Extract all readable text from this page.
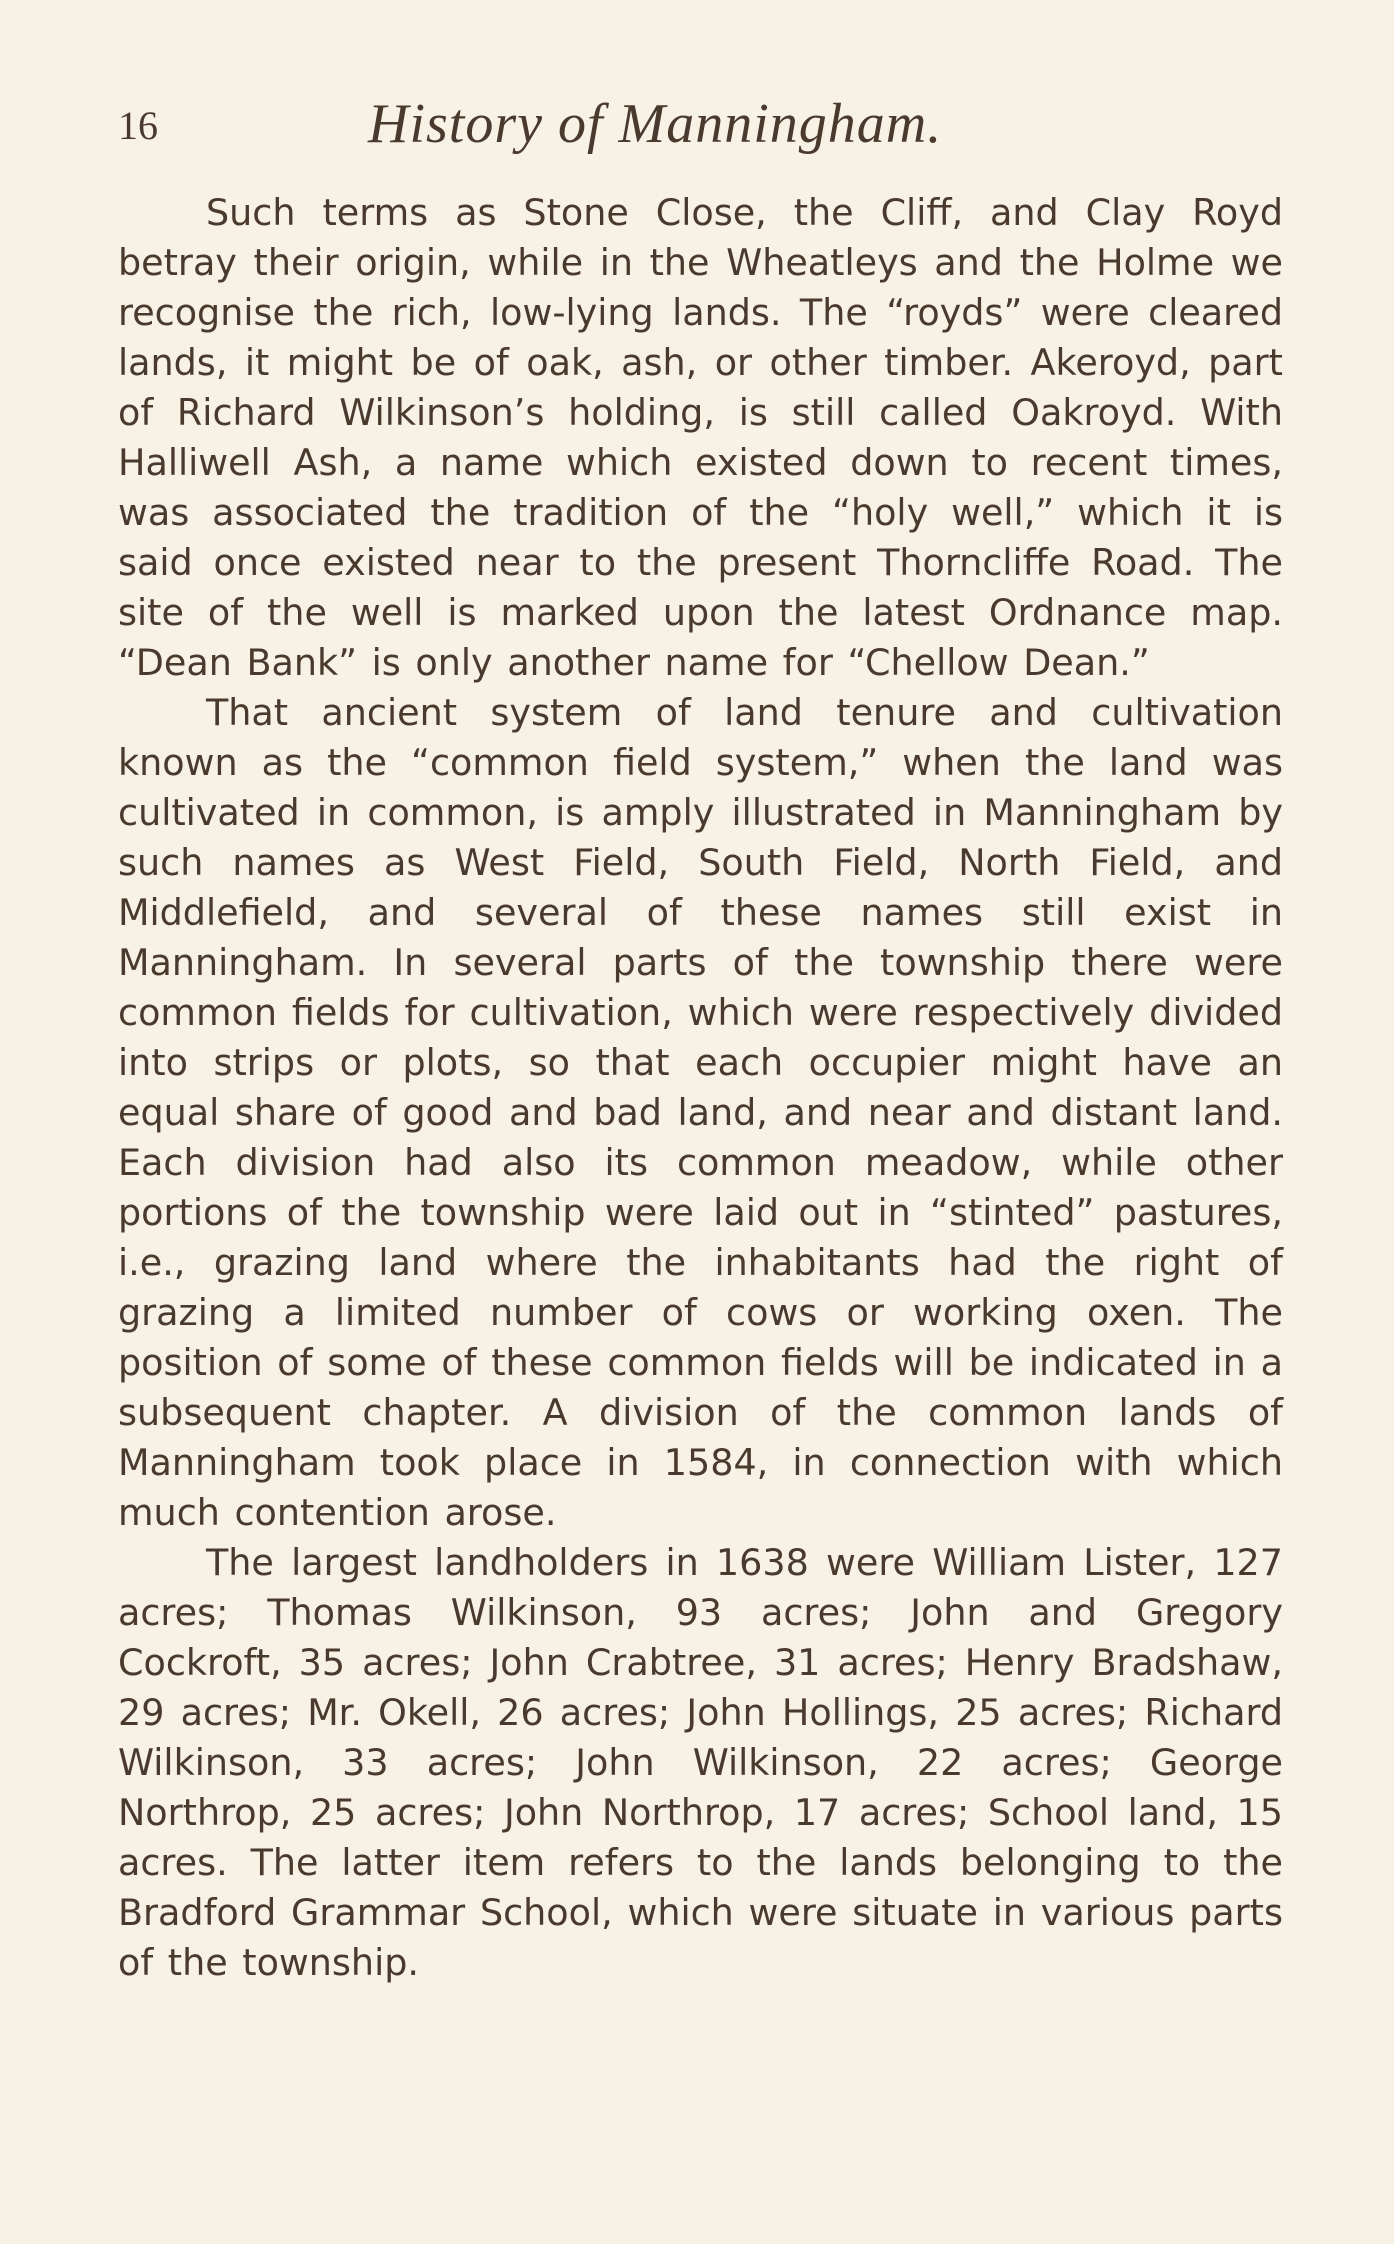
16	History of Manningham.

Such terms as Stone Close, the Cliff, and Clay Royd betray their origin, while in the Wheatleys and the Holme we recognise the rich, low-lying lands. The “royds” were cleared lands, it might be of oak, ash, or other timber. Akeroyd, part of Richard Wilkinson’s holding, is still called Oakroyd. With Halliwell Ash, a name which existed down to recent times, was associated the tradition of the “holy well,” which it is said once existed near to the present Thorncliffe Road. The site of the well is marked upon the latest Ordnance map. “Dean Bank” is only another name for “Chellow Dean.”

That ancient system of land tenure and cultivation known as the “common field system,” when the land was cultivated in common, is amply illustrated in Manningham by such names as West Field, South Field, North Field, and Middlefield, and several of these names still exist in Manningham. In several parts of the township there were common fields for cultivation, which were respectively divided into strips or plots, so that each occupier might have an equal share of good and bad land, and near and distant land. Each division had also its common meadow, while other portions of the township were laid out in “stinted” pastures, i.e., grazing land where the inhabitants had the right of grazing a limited number of cows or working oxen. The position of some of these common fields will be indicated in a subsequent chapter. A division of the common lands of Manningham took place in 1584, in connection with which much contention arose.

The largest landholders in 1638 were William Lister, 127 acres; Thomas Wilkinson, 93 acres; John and Gregory Cockroft, 35 acres; John Crabtree, 31 acres; Henry Bradshaw, 29 acres; Mr. Okell, 26 acres; John Hollings, 25 acres; Richard Wilkinson, 33 acres; John Wilkinson, 22 acres; George Northrop, 25 acres; John Northrop, 17 acres; School land, 15 acres. The latter item refers to the lands belonging to the Bradford Grammar School, which were situate in various parts of the township.
